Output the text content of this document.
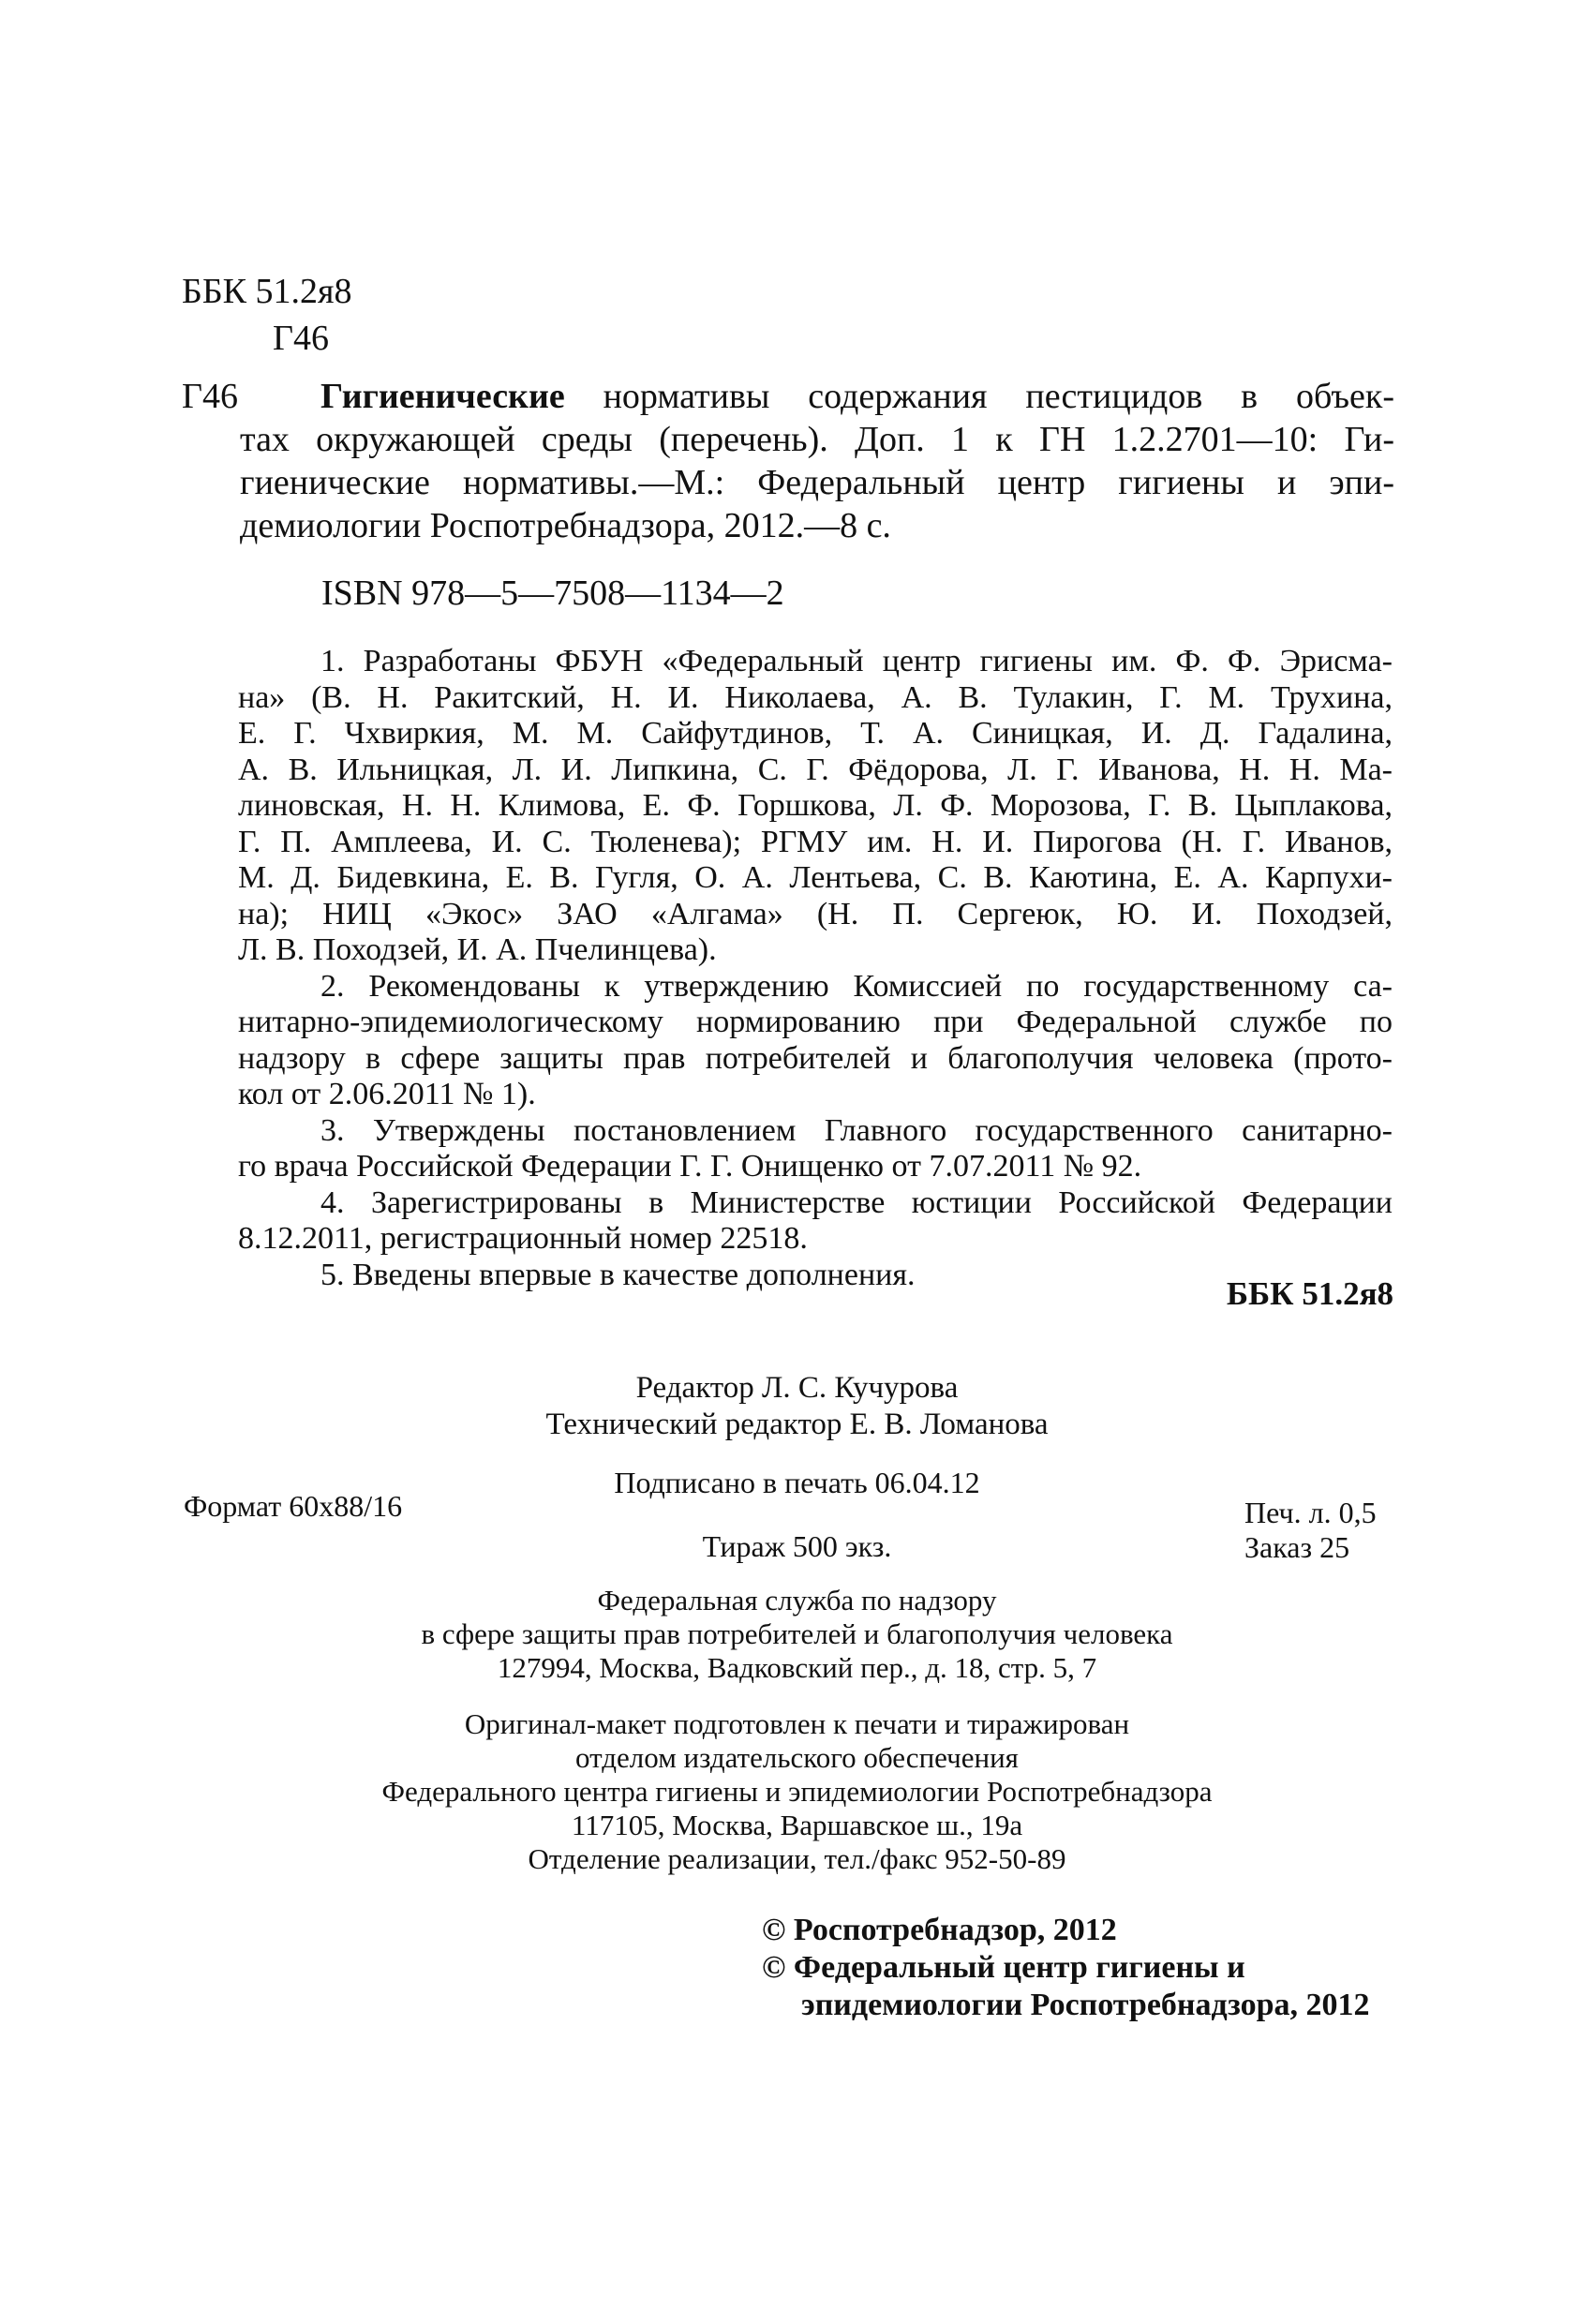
ББК 51.2я8
Г46
Г46	Гигиенические нормативы содержания пестицидов в объек-
тах окружающей среды (перечень). Доп. 1 к ГН 1.2.2701—10: Ги-
гиенические нормативы.—М.: Федеральный центр гигиены и эпи-
демиологии Роспотребнадзора, 2012.—8 с.
ISBN 978—5—7508—1134—2
1. Разработаны ФБУН «Федеральный центр гигиены им. Ф. Ф. Эрисма-
на» (В. Н. Ракитский, Н. И. Николаева, А. В. Тулакин, Г. М. Трухина,
Е. Г. Чхвиркия, М. М. Сайфутдинов, Т. А. Синицкая, И. Д. Гадалина,
А. В. Ильницкая, Л. И. Липкина, С. Г. Фёдорова, Л. Г. Иванова, Н. Н. Ма-
линовская, Н. Н. Климова, Е. Ф. Горшкова, Л. Ф. Морозова, Г. В. Цыплакова,
Г. П. Амплеева, И. С. Тюленева); РГМУ им. Н. И. Пирогова (Н. Г. Иванов,
М. Д. Бидевкина, Е. В. Гугля, О. А. Лентьева, С. В. Каютина, Е. А. Карпухи-
на); НИЦ «Экос» ЗАО «Алгама» (Н. П. Сергеюк, Ю. И. Походзей,
Л. В. Походзей, И. А. Пчелинцева).
2. Рекомендованы к утверждению Комиссией по государственному са-
нитарно-эпидемиологическому нормированию при Федеральной службе по
надзору в сфере защиты прав потребителей и благополучия человека (прото-
кол от 2.06.2011 № 1).
3. Утверждены постановлением Главного государственного санитарно-
го врача Российской Федерации Г. Г. Онищенко от 7.07.2011 № 92.
4. Зарегистрированы в Министерстве юстиции Российской Федерации
8.12.2011, регистрационный номер 22518.
5. Введены впервые в качестве дополнения.
ББК 51.2я8
Редактор Л. С. Кучурова
Технический редактор Е. В. Ломанова
Подписано в печать 06.04.12
Формат 60x88/16	Печ. л. 0,5
Тираж 500 экз.	Заказ 25
Федеральная служба по надзору
в сфере защиты прав потребителей и благополучия человека
127994, Москва, Вадковский пер., д. 18, стр. 5, 7
Оригинал-макет подготовлен к печати и тиражирован
отделом издательского обеспечения
Федерального центра гигиены и эпидемиологии Роспотребнадзора
117105, Москва, Варшавское ш., 19а
Отделение реализации, тел./факс 952-50-89
© Роспотребнадзор, 2012
© Федеральный центр гигиены и
эпидемиологии Роспотребнадзора, 2012
